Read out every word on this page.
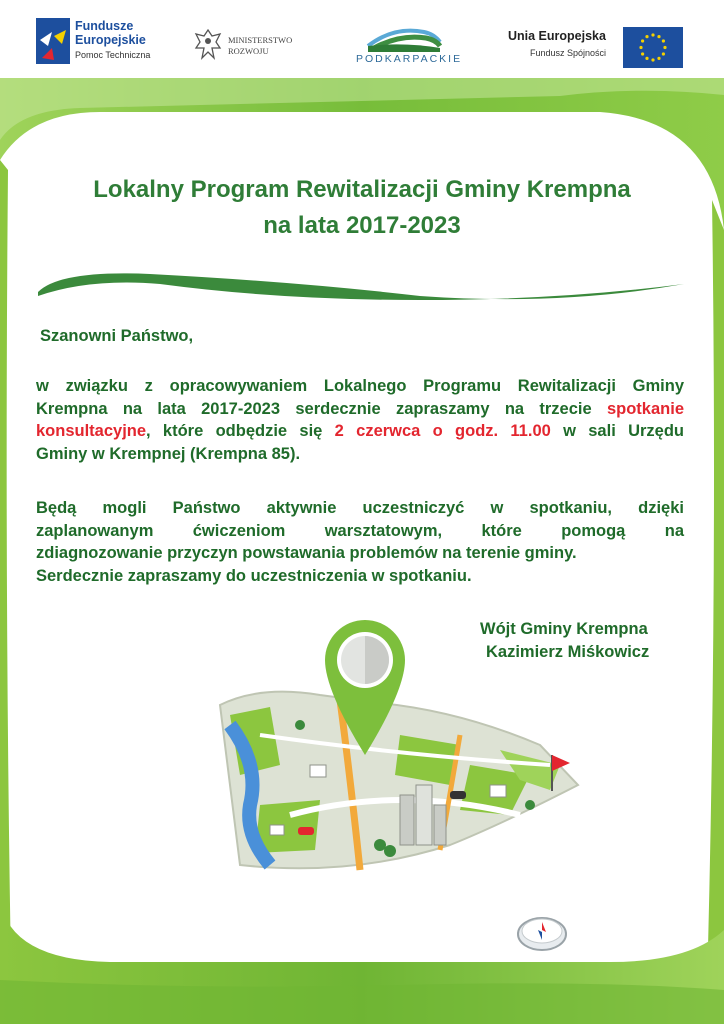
Fundusze
Europejskie
Pomoc Techniczna
MINISTERSTWO
ROZWOJU
PODKARPACKIE
Unia Europejska
Fundusz Spójności
Lokalny Program Rewitalizacji Gminy Krempna
na lata 2017-2023
Szanowni Państwo,
w związku z opracowywaniem Lokalnego Programu Rewitalizacji Gminy
Krempna na lata 2017-2023 serdecznie zapraszamy na trzecie spotkanie
konsultacyjne, które odbędzie się 2 czerwca o godz. 11.00 w sali Urzędu
Gminy w Krempnej (Krempna 85).
Będą mogli Państwo aktywnie uczestniczyć w spotkaniu, dzięki
zaplanowanym ćwiczeniom warsztatowym, które pomogą na
zdiagnozowanie przyczyn powstawania problemów na terenie gminy.
Serdecznie zapraszamy do uczestniczenia w spotkaniu.
Wójt Gminy Krempna
Kazimierz Miśkowicz
